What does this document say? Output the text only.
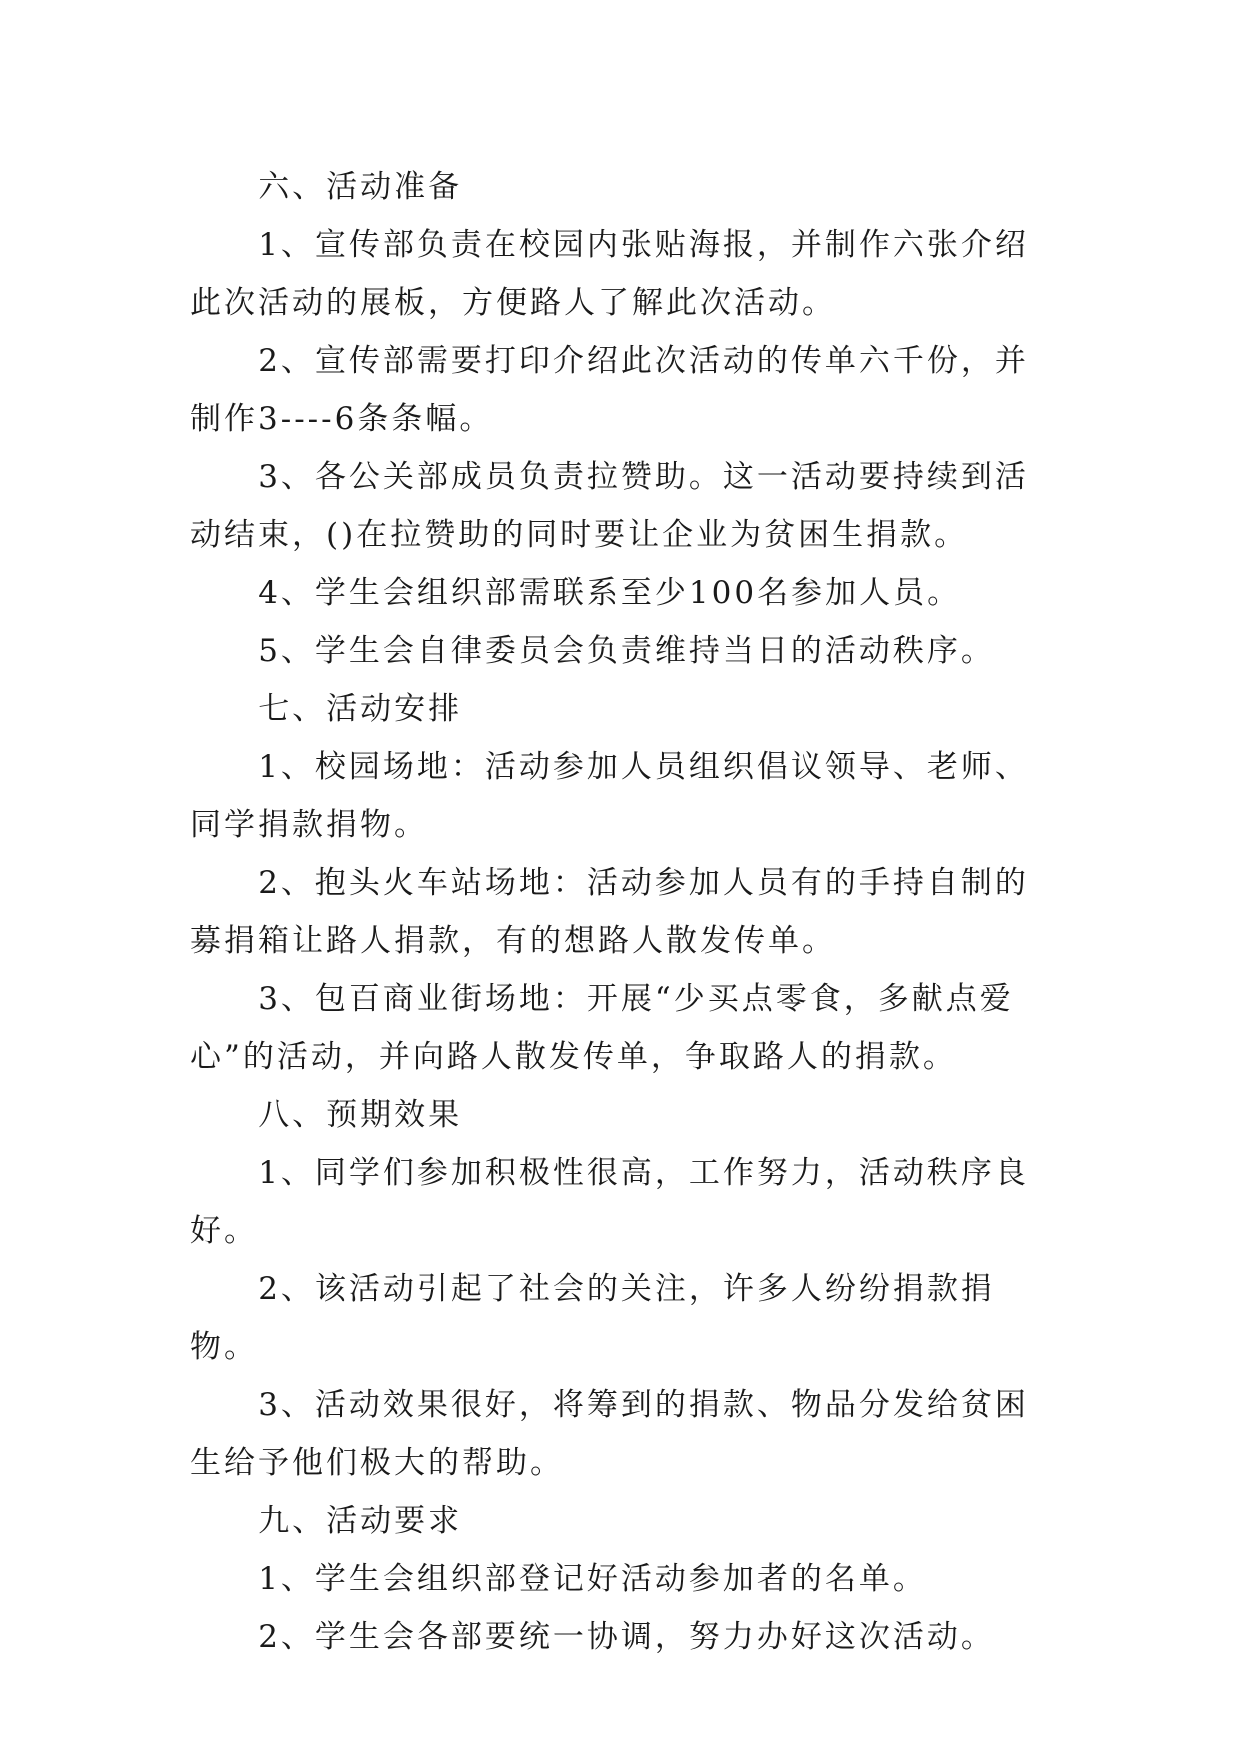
六、活动准备

1、宣传部负责在校园内张贴海报，并制作六张介绍此次活动的展板，方便路人了解此次活动。

2、宣传部需要打印介绍此次活动的传单六千份，并制作3----6条条幅。

3、各公关部成员负责拉赞助。这一活动要持续到活动结束，()在拉赞助的同时要让企业为贫困生捐款。

4、学生会组织部需联系至少100名参加人员。

5、学生会自律委员会负责维持当日的活动秩序。

七、活动安排

1、校园场地：活动参加人员组织倡议领导、老师、同学捐款捐物。

2、抱头火车站场地：活动参加人员有的手持自制的募捐箱让路人捐款，有的想路人散发传单。

3、包百商业街场地：开展“少买点零食，多献点爱心”的活动，并向路人散发传单，争取路人的捐款。

八、预期效果

1、同学们参加积极性很高，工作努力，活动秩序良好。

2、该活动引起了社会的关注，许多人纷纷捐款捐物。

3、活动效果很好，将筹到的捐款、物品分发给贫困生给予他们极大的帮助。

九、活动要求

1、学生会组织部登记好活动参加者的名单。

2、学生会各部要统一协调，努力办好这次活动。
